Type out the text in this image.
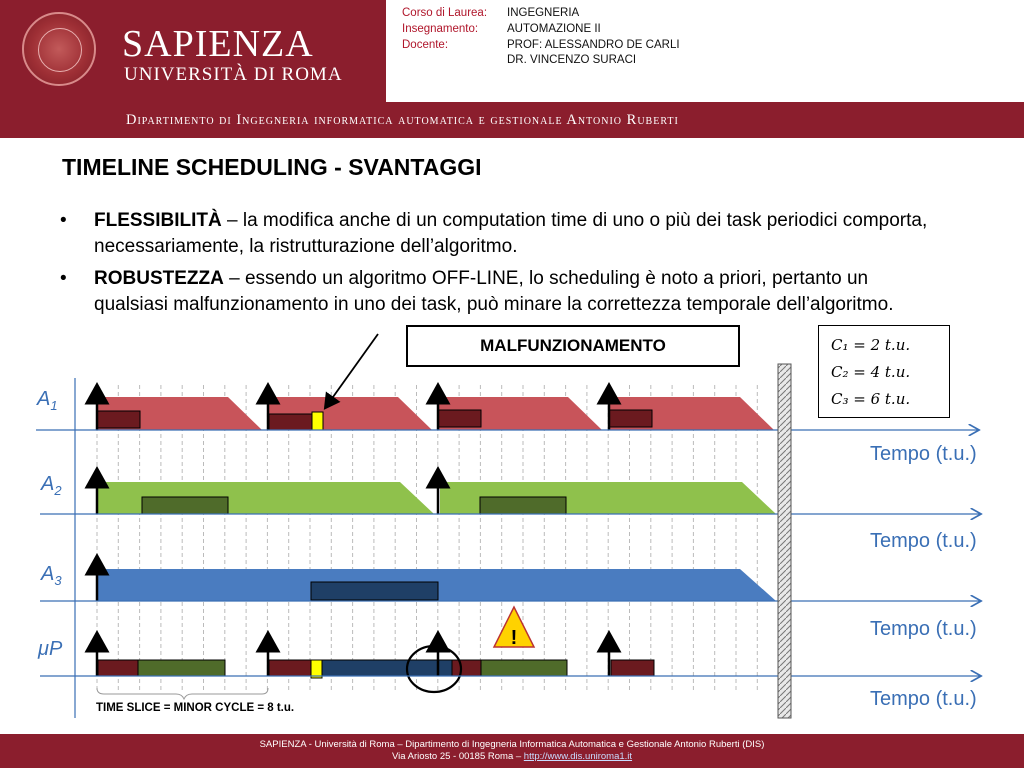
SAPIENZA
UNIVERSITÀ DI ROMA
Corso di Laurea: INGEGNERIA
Insegnamento:	AUTOMAZIONE II
Docente:	PROF: ALESSANDRO DE CARLI
DR. VINCENZO SURACI
Dipartimento di Ingegneria informatica automatica e gestionale Antonio Ruberti
TIMELINE SCHEDULING - SVANTAGGI
• FLESSIBILITÀ – la modifica anche di un computation time di uno o più dei task periodici comporta, necessariamente, la ristrutturazione dell’algoritmo.
• ROBUSTEZZA – essendo un algoritmo OFF-LINE, lo scheduling è noto a priori, pertanto un qualsiasi malfunzionamento in uno dei task, può minare la correttezza temporale dell’algoritmo.
!
MALFUNZIONAMENTO	C₁ = 2 t.u.
C₂ = 4 t.u.
C₃ = 6 t.u.
$A_1$
$A_2$
$A_3$
μP
Tempo (t.u.)
Tempo (t.u.)
Tempo (t.u.)
Tempo (t.u.)
TIME SLICE = MINOR CYCLE = 8 t.u.
SAPIENZA - Università di Roma – Dipartimento di Ingegneria Informatica Automatica e Gestionale Antonio Ruberti (DIS)
Via Ariosto 25 - 00185 Roma – http://www.dis.uniroma1.it
